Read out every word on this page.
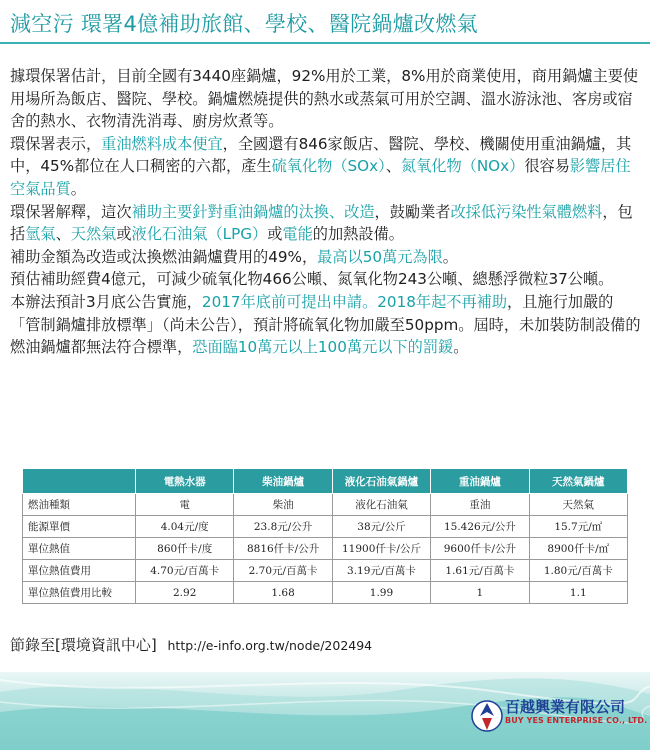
減空污 環署4億補助旅館、學校、醫院鍋爐改燃氣

據環保署估計，目前全國有3440座鍋爐，92%用於工業，8%用於商業使用，商用鍋爐主要使用場所為飯店、醫院、學校。鍋爐燃燒提供的熱水或蒸氣可用於空調、溫水游泳池、客房或宿舍的熱水、衣物清洗消毒、廚房炊煮等。

環保署表示，重油燃料成本便宜，全國還有846家飯店、醫院、學校、機關使用重油鍋爐，其中，45%都位在人口稠密的六都，產生硫氧化物（SOx）、氮氧化物（NOx）很容易影響居住空氣品質。

環保署解釋，這次補助主要針對重油鍋爐的汰換、改造，鼓勵業者改採低污染性氣體燃料，包括氫氣、天然氣或液化石油氣（LPG）或電能的加熱設備。

補助金額為改造或汰換燃油鍋爐費用的49%，最高以50萬元為限。

預估補助經費4億元，可減少硫氧化物466公噸、氮氧化物243公噸、總懸浮微粒37公噸。

本辦法預計3月底公告實施，2017年底前可提出申請。2018年起不再補助，且施行加嚴的「管制鍋爐排放標準」（尚未公告），預計將硫氧化物加嚴至50ppm。屆時，未加裝防制設備的燃油鍋爐都無法符合標準，恐面臨10萬元以上100萬元以下的罰鍰。

	電熱水器	柴油鍋爐	液化石油氣鍋爐	重油鍋爐	天然氣鍋爐
燃油種類	電	柴油	液化石油氣	重油	天然氣
能源單價	4.04元/度	23.8元/公升	38元/公斤	15.426元/公升	15.7元/㎡
單位熱值	860仟卡/度	8816仟卡/公升	11900仟卡/公斤	9600仟卡/公升	8900仟卡/㎡
單位熱值費用	4.70元/百萬卡	2.70元/百萬卡	3.19元/百萬卡	1.61元/百萬卡	1.80元/百萬卡
單位熱值費用比較	2.92	1.68	1.99	1	1.1
節錄至[環境資訊中心] http://e-info.org.tw/node/202494
百越興業有限公司
BUY YES ENTERPRISE CO., LTD.
